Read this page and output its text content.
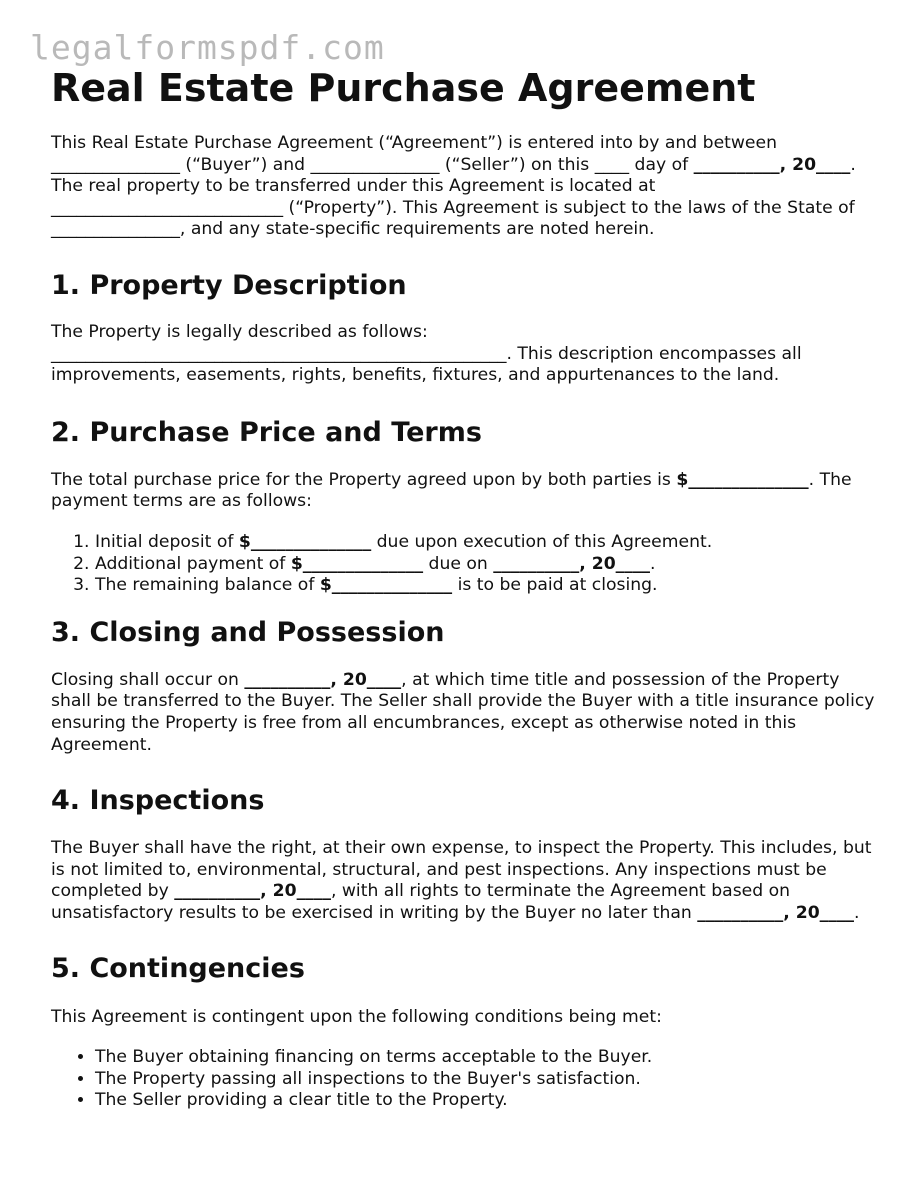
legalformspdf.com
Real Estate Purchase Agreement

This Real Estate Purchase Agreement (“Agreement”) is entered into by and between _______________ (“Buyer”) and _______________ (“Seller”) on this ____ day of __________, 20____. The real property to be transferred under this Agreement is located at ___________________________ (“Property”). This Agreement is subject to the laws of the State of _______________, and any state-specific requirements are noted herein.

1. Property Description

The Property is legally described as follows: _____________________________________________________. This description encompasses all improvements, easements, rights, benefits, fixtures, and appurtenances to the land.

2. Purchase Price and Terms

The total purchase price for the Property agreed upon by both parties is $______________. The payment terms are as follows:

1. Initial deposit of $______________ due upon execution of this Agreement.
2. Additional payment of $______________ due on __________, 20____.
3. The remaining balance of $______________ is to be paid at closing.
3. Closing and Possession

Closing shall occur on __________, 20____, at which time title and possession of the Property shall be transferred to the Buyer. The Seller shall provide the Buyer with a title insurance policy ensuring the Property is free from all encumbrances, except as otherwise noted in this Agreement.

4. Inspections

The Buyer shall have the right, at their own expense, to inspect the Property. This includes, but is not limited to, environmental, structural, and pest inspections. Any inspections must be completed by __________, 20____, with all rights to terminate the Agreement based on unsatisfactory results to be exercised in writing by the Buyer no later than __________, 20____.

5. Contingencies

This Agreement is contingent upon the following conditions being met:

• The Buyer obtaining financing on terms acceptable to the Buyer.
• The Property passing all inspections to the Buyer's satisfaction.
• The Seller providing a clear title to the Property.
